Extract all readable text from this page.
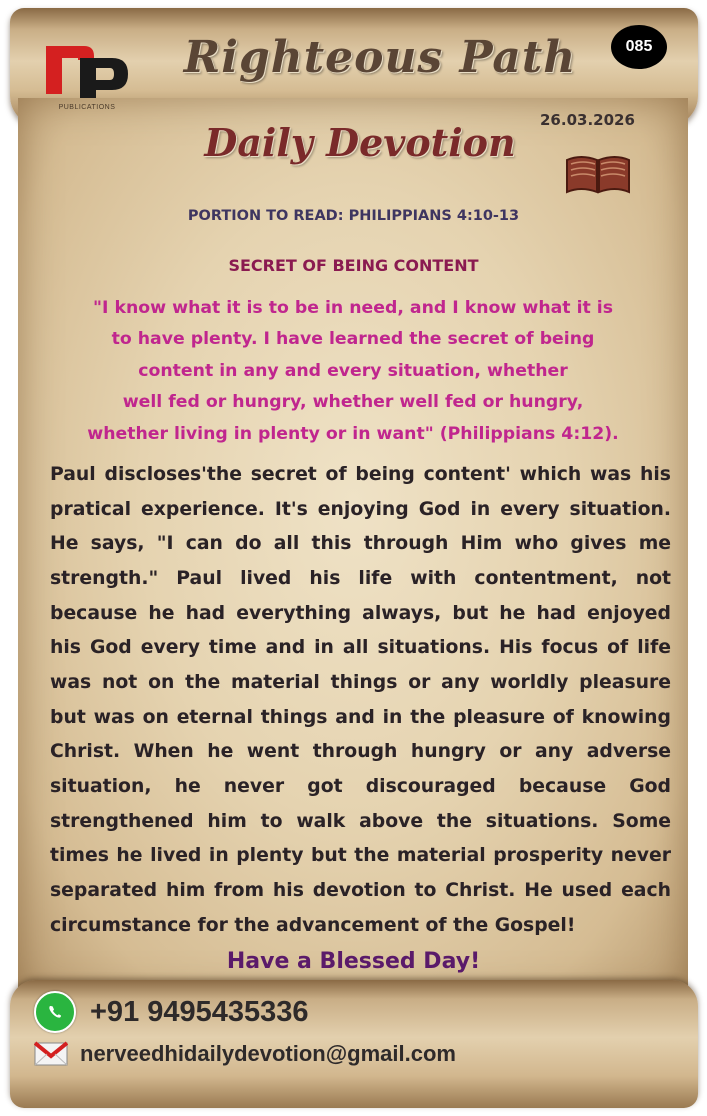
PUBLICATIONS
085
Righteous Path
Daily Devotion 26.03.2026
PORTION TO READ: PHILIPPIANS 4:10-13
SECRET OF BEING CONTENT
"I know what it is to be in need, and I know what it is
to have plenty. I have learned the secret of being
content in any and every situation, whether
well fed or hungry, whether well fed or hungry,
whether living in plenty or in want" (Philippians 4:12).
Paul discloses'the secret of being content' which was his pratical experience. It's enjoying God in every situation. He says, "I can do all this through Him who gives me strength." Paul lived his life with contentment, not because he had everything always, but he had enjoyed his God every time and in all situations. His focus of life was not on the material things or any worldly pleasure but was on eternal things and in the pleasure of knowing Christ. When he went through hungry or any adverse situation, he never got discouraged because God strengthened him to walk above the situations. Some times he lived in plenty but the material prosperity never separated him from his devotion to Christ. He used each circumstance for the advancement of the Gospel!
Have a Blessed Day!
+91 9495435336
nerveedhidailydevotion@gmail.com
